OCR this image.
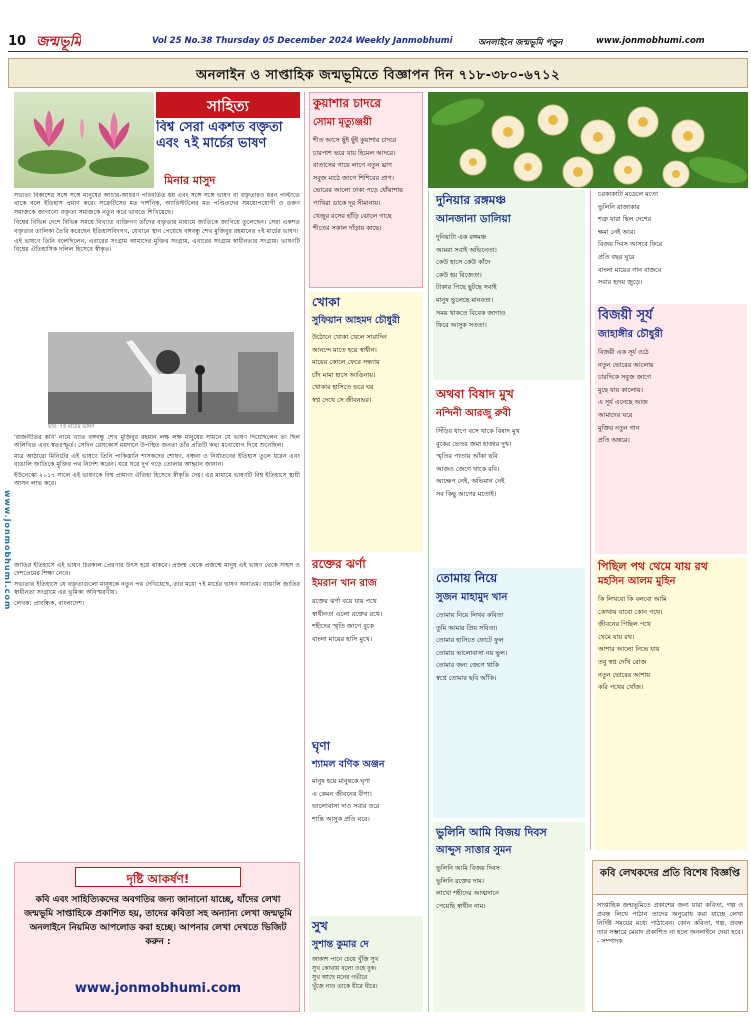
10 জন্মভূমি	Vol 25 No.38 Thursday 05 December 2024 Weekly Janmobhumi	অনলাইনে জন্মভূমি পড়ুন	www.jonmobhumi.com
অনলাইন ও সাপ্তাহিক জন্মভূমিতে বিজ্ঞাপন দিন ৭১৮-৩৮০-৬৭১২
www.jonmobhumi.com
সাহিত্য
বিশ্ব সেরা একশত বক্তৃতা এবং ৭ই মার্চের ভাষণ
মিনার মাসুদ

সভ্যতা বিকাশের সঙ্গে সঙ্গে মানুষের আচার-আচরণ পরিবর্তিত হয় এবং সঙ্গে সঙ্গে ভাষণ বা বক্তৃতারও ধরন পাল্টাতে থাকে বলে ইতিহাস প্রমাণ করে। সক্রেটিসের মত দার্শনিক, অ্যারিস্টটলের মত পণ্ডিতদের সময়োপযোগী ও তরুণ সমাজকে জাগানো বক্তৃতা সমাজকে নতুন করে ভাবতে শিখিয়েছে।

বিশ্বের বিভিন্ন দেশে বিভিন্ন সময়ে বিখ্যাত ব্যক্তিগণ তাঁদের বক্তৃতার মাধ্যমে জাতিকে জাগিয়ে তুলেছেন। সেরা একশত বক্তৃতার তালিকা তৈরি করেছেন ইতিহাসবিদগণ, যেখানে স্থান পেয়েছে বঙ্গবন্ধু শেখ মুজিবুর রহমানের ৭ই মার্চের ভাষণ।

এই ভাষণে তিনি বলেছিলেন, এবারের সংগ্রাম আমাদের মুক্তির সংগ্রাম, এবারের সংগ্রাম স্বাধীনতার সংগ্রাম। ভাষণটি বিশ্বের ঐতিহাসিক দলিল হিসেবে স্বীকৃত।

ছবি: ৭ই মার্চের ভাষণ

'রাজনীতির কবি' নামে খ্যাত বঙ্গবন্ধু শেখ মুজিবুর রহমান লক্ষ লক্ষ মানুষের সামনে যে ভাষণ দিয়েছিলেন তা ছিল অলিখিত এবং স্বতঃস্ফূর্ত। সেদিন রেসকোর্স ময়দানে উপস্থিত জনতা তাঁর প্রতিটি কথা মনোযোগ দিয়ে শুনেছিল।

মাত্র আঠারো মিনিটের এই ভাষণে তিনি পাকিস্তানি শাসকদের শোষণ, বঞ্চনা ও নির্যাতনের ইতিহাস তুলে ধরেন এবং বাঙালি জাতিকে মুক্তির পথ নির্দেশ করেন। ঘরে ঘরে দুর্গ গড়ে তোলার আহ্বান জানান।

ইউনেস্কো ২০১৭ সালে এই ভাষণকে বিশ্ব প্রামাণ্য ঐতিহ্য হিসেবে স্বীকৃতি দেয়। এর মাধ্যমে ভাষণটি বিশ্ব ইতিহাসে স্থায়ী আসন লাভ করে।

জাতির ইতিহাসে এই ভাষণ চিরকাল প্রেরণার উৎস হয়ে থাকবে। প্রজন্ম থেকে প্রজন্মে মানুষ এই ভাষণ থেকে সাহস ও দেশপ্রেমের শিক্ষা নেবে।

সভ্যতার ইতিহাসে যে বক্তৃতাগুলো মানুষকে নতুন পথ দেখিয়েছে, তার মধ্যে ৭ই মার্চের ভাষণ অন্যতম। বাঙালি জাতির স্বাধীনতা সংগ্রামে এর ভূমিকা অবিস্মরণীয়।

লেখক: প্রাবন্ধিক, বাংলাদেশ।

দৃষ্টি আকর্ষণ!
কবি এবং সাহিত্যিকদের অবগতির জন্য জানানো যাচ্ছে, যাঁদের লেখা জন্মভূমি সাপ্তাহিকে প্রকাশিত হয়, তাদের কবিতা সহ অন্যান্য লেখা জন্মভূমি অনলাইনে নিয়মিত আপলোড করা হচ্ছে। আপনার লেখা দেখতে ভিজিট করুন :
www.jonmobhumi.com
কুয়াশার চাদরে
সোমা মৃত্যুঞ্জয়ী

শীত আসে ছুঁই ছুঁই কুয়াশার চাদরে

চারপাশ ভরে যায় হিমেল আদরে।

বাতাসের গায়ে লাগে নতুন ঘ্রাণ

সবুজ মাঠে জাগে শিশিরের প্রাণ।

ভোরের আলো ঢাকা পড়ে ধোঁয়াশায়

পাখিরা ডাকে দূর সীমানায়।

খেজুর রসের হাঁড়ি ঝোলে গাছে

শীতের সকাল দাঁড়ায় কাছে।

খোকা
সুফিয়ান আহমদ চৌধুরী

উঠোনে খোকা খেলে সারাদিন

আনন্দে মাতে হয়ে স্বাধীন।

মায়ের কোলে ফেরে সন্ধ্যায়

চাঁদ মামা হাসে আঙিনায়।

খোকার হাসিতে ভরে ঘর

স্বপ্ন দেখে সে জীবনভর।

রক্তের ঝর্ণা
ইমরান খান রাজ

রক্তের ঝর্ণা বয়ে যায় পথে

স্বাধীনতা এলো রক্তের রথে।

শহীদের স্মৃতি জাগে বুকে

বাংলা মায়ের হাসি মুখে।

ঘৃণা
শ্যামল বণিক অঞ্জন

মানুষ হয়ে মানুষকে ঘৃণা

এ কেমন জীবনের বীণা।

ভালোবাসা দাও সবার তরে

শান্তি আসুক প্রতি ঘরে।

সুখ
সুশান্ত কুমার দে

আকাশ পানে চেয়ে খুঁজি সুখ

সুখ কোথায় বলো ওহে বুক।

সুখ আছে মনের গভীরে

খুঁজে নাও তাকে ধীরে ধীরে।

দুনিয়ার রঙ্গমঞ্চ
আনজানা ডালিয়া

দুনিয়াটা এক রঙ্গমঞ্চ

আমরা সবাই অভিনেতা।

কেউ হাসে কেউ কাঁদে

কেউ হয় বিজেতা।

টাকার পিছে ছুটছে সবাই

মানুষ ভুলেছে মানবতা।

সময় থাকতে বিবেক জাগাও

ফিরে আসুক সততা।

অথবা বিষাদ মুখ
নন্দিনী আরজু রুবী

সিঁড়ির ধাপে বসে থাকে বিষাদ মুখ

বুকের ভেতর জমা হাজার দুখ।

স্মৃতির পাতায় আঁকা ছবি

আজও জেগে থাকে রবি।

আক্ষেপ নেই, অভিমান নেই

সব কিছু আগের মতোই।

তোমায় নিয়ে
সুজন মাহামুদ খান

তোমায় নিয়ে লিখব কবিতা

তুমি আমার প্রিয় সবিতা।

তোমার হাসিতে ফোটে ফুল

তোমায় ভালোবাসা নয় ভুল।

তোমার জন্য জেগে থাকি

স্বপ্নে তোমার ছবি আঁকি।

ভুলিনি আমি বিজয় দিবস
আব্দুস সাত্তার সুমন

ভুলিনি আমি বিজয় দিবস

ভুলিনি রক্তের দাম।

লাখো শহীদের আত্মদানে

পেয়েছি স্বাধীন নাম।

চরকাকাটা মডেলে মতো

ভুলিনি রাজাকার

শত্রু যারা ছিল দেশের

ক্ষমা নেই আর।

বিজয় দিবস আসবে ফিরে

প্রতি বছর ঘুরে

বাংলা মায়ের গান বাজবে

সবার হৃদয় জুড়ে।

বিজয়ী সূর্য
জাহাঙ্গীর চৌধুরী

বিজয়ী এক সূর্য ওঠে

নতুন ভোরের আলোয়

চারদিকে সবুজ জাগে

মুছে যায় কালোয়।

এ সূর্য এনেছে আজ

আমাদের ঘরে

মুক্তির নতুন গান

প্রতি অন্তরে।

পিছিল পথ থেমে যায় রথ
মহসিন আলম মুহিন

কি লিখবো কি বলবো আমি

কোথায় যাবো কোন পথে।

জীবনের পিছিল পথে

থেমে যায় রথ।

আশার আলো নিভে যায়

তবু স্বপ্ন দেখি রোজ

নতুন ভোরের আশায়

করি পথের খোঁজ।

কবি লেখকদের প্রতি বিশেষ বিজ্ঞপ্তি
সাপ্তাহিক জন্মভূমিতে প্রকাশের জন্য যারা কবিতা, গল্প ও প্রবন্ধ লিখে পাঠান তাদের অনুরোধ করা যাচ্ছে লেখা নির্দিষ্ট সময়ের মধ্যে পাঠাবেন। কোন কবিতা, গল্প, প্রবন্ধ তার সম্ভারে মেয়াদ প্রকাশিত না হলে অনলাইনে দেয়া হবে। - সম্পাদক
